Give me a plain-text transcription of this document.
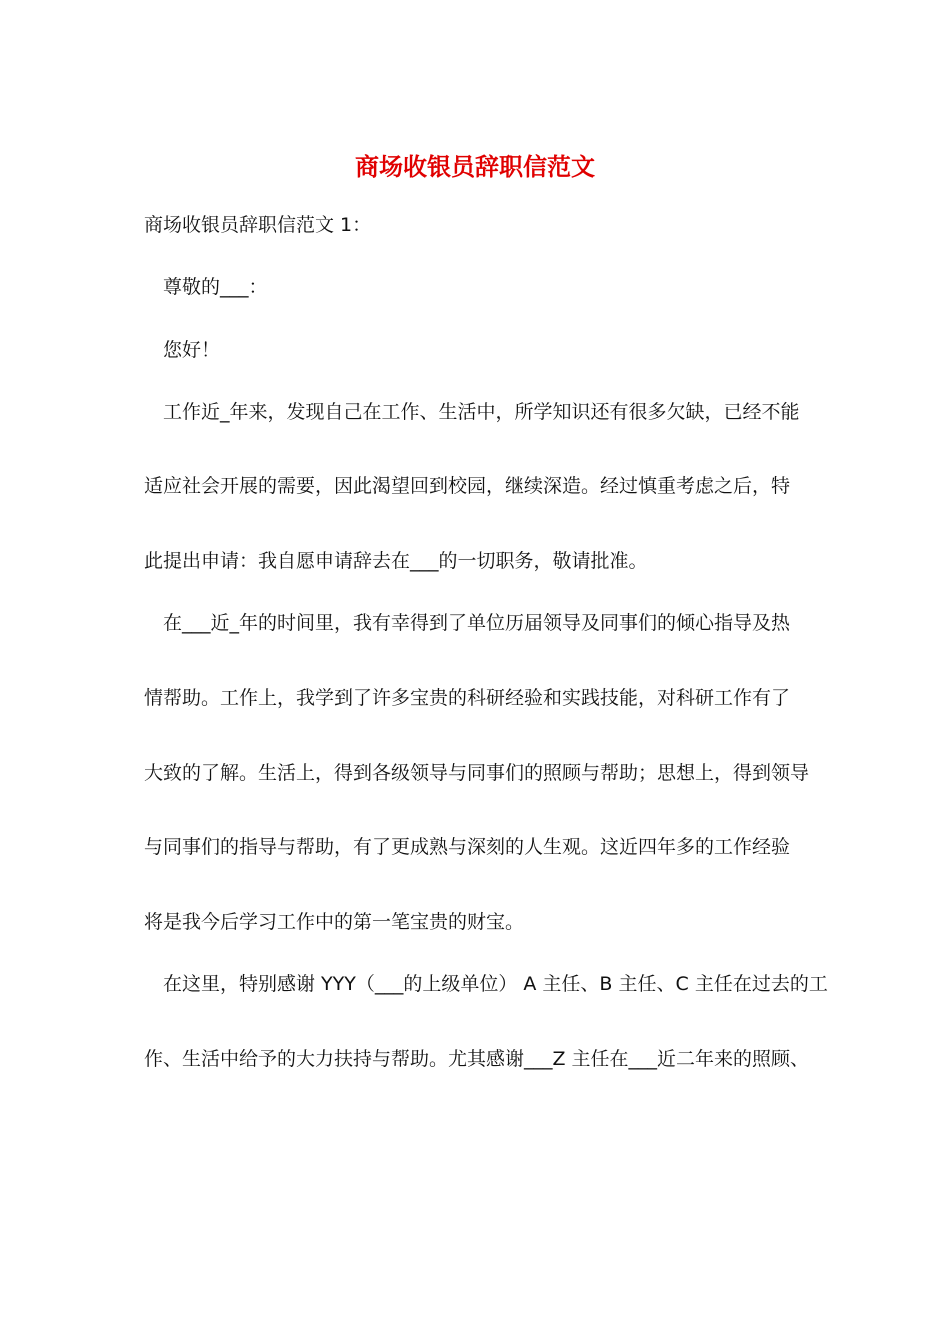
商场收银员辞职信范文
商场收银员辞职信范文 1：
尊敬的___：
您好！
工作近_年来，发现自己在工作、生活中，所学知识还有很多欠缺，已经不能
适应社会开展的需要，因此渴望回到校园，继续深造。经过慎重考虑之后，特
此提出申请：我自愿申请辞去在___的一切职务，敬请批准。
在___近_年的时间里，我有幸得到了单位历届领导及同事们的倾心指导及热
情帮助。工作上，我学到了许多宝贵的科研经验和实践技能，对科研工作有了
大致的了解。生活上，得到各级领导与同事们的照顾与帮助；思想上，得到领导
与同事们的指导与帮助，有了更成熟与深刻的人生观。这近四年多的工作经验
将是我今后学习工作中的第一笔宝贵的财宝。
在这里，特别感谢 YYY（___的上级单位） A 主任、B 主任、C 主任在过去的工
作、生活中给予的大力扶持与帮助。尤其感谢___Z 主任在___近二年来的照顾、
